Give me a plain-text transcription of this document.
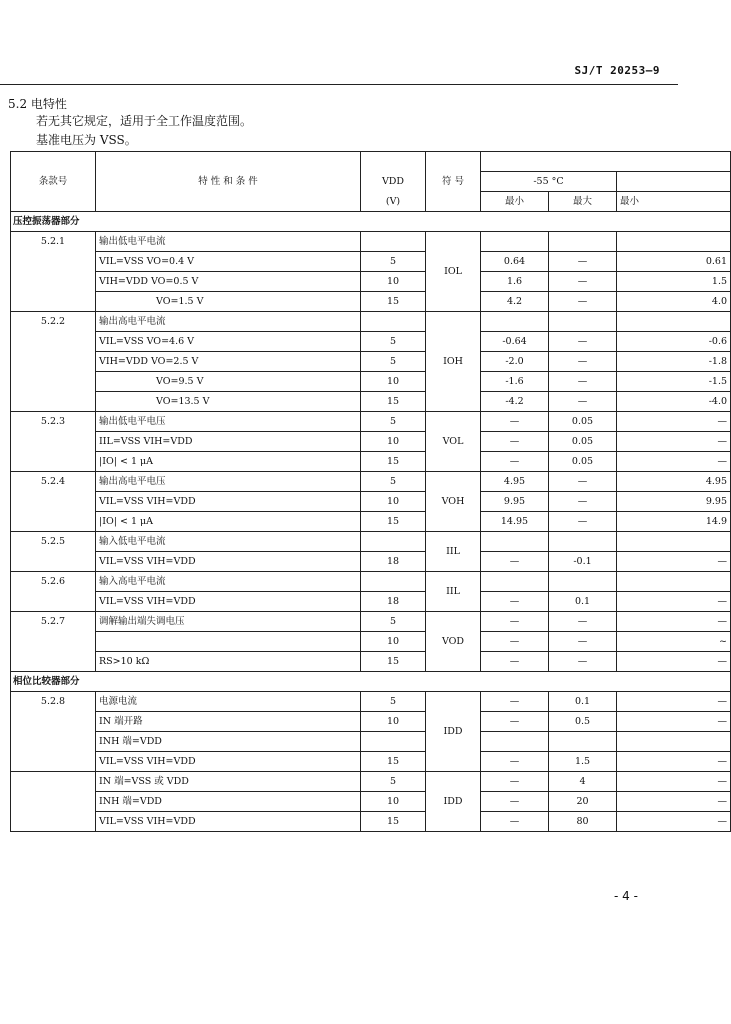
SJ/T 20253—9
5.2 电特性
若无其它规定，适用于全工作温度范围。
基准电压为 VSS。
条款号	特 性 和 条 件		符 号			
		VDD		-55 °C		
		(V)		最小	最大	最小
压控振荡器部分						
5.2.1	输出低电平电流		IOL			
	VIL=VSS VO=0.4 V	5		0.64	—	0.61
	VIH=VDD VO=0.5 V	10		1.6	—	1.5
	VO=1.5 V	15		4.2	—	4.0
5.2.2	输出高电平电流		IOH			
	VIL=VSS VO=4.6 V	5		-0.64	—	-0.6
	VIH=VDD VO=2.5 V	5		-2.0	—	-1.8
	VO=9.5 V	10		-1.6	—	-1.5
	VO=13.5 V	15		-4.2	—	-4.0
5.2.3	输出低电平电压	5	VOL	—	0.05	—
	IIL=VSS VIH=VDD	10		—	0.05	—
	|IO| < 1 μA	15		—	0.05	—
5.2.4	输出高电平电压	5	VOH	4.95	—	4.95
	VIL=VSS VIH=VDD	10		9.95	—	9.95
	|IO| < 1 μA	15		14.95	—	14.9
5.2.5	输入低电平电流		IIL			
	VIL=VSS VIH=VDD	18		—	-0.1	—
5.2.6	输入高电平电流		IIL			
	VIL=VSS VIH=VDD	18		—	0.1	—
5.2.7	调解输出端失调电压	5	VOD	—	—	—
		10		—	—	~
	RS>10 kΩ	15		—	—	—
相位比较器部分						
5.2.8	电源电流	5	IDD	—	0.1	—
	IN 端开路	10		—	0.5	—
	INH 端=VDD					
	VIL=VSS VIH=VDD	15		—	1.5	—
	IN 端=VSS 或 VDD	5	IDD	—	4	—
	INH 端=VDD	10		—	20	—
	VIL=VSS VIH=VDD	15		—	80	—
- 4 -
